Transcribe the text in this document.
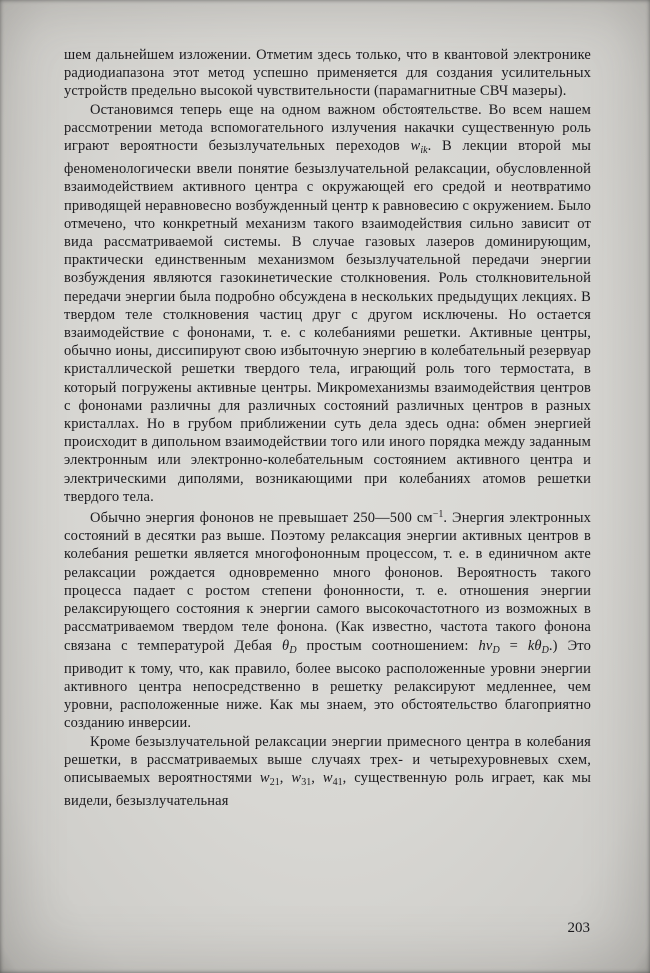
шем дальнейшем изложении. Отметим здесь только, что в квантовой электронике радиодиапазона этот метод успешно применяется для создания усилительных устройств предельно высокой чувствительности (парамагнитные СВЧ мазеры).

Остановимся теперь еще на одном важном обстоятельстве. Во всем нашем рассмотрении метода вспомогательного излучения накачки существенную роль играют вероятности безызлучательных переходов $w_{ik}$. В лекции второй мы феноменологически ввели понятие безызлучательной релаксации, обусловленной взаимодействием активного центра с окружающей его средой и неотвратимо приводящей неравновесно возбужденный центр к равновесию с окружением. Было отмечено, что конкретный механизм такого взаимодействия сильно зависит от вида рассматриваемой системы. В случае газовых лазеров доминирующим, практически единственным механизмом безызлучательной передачи энергии возбуждения являются газокинетические столкновения. Роль столкновительной передачи энергии была подробно обсуждена в нескольких предыдущих лекциях. В твердом теле столкновения частиц друг с другом исключены. Но остается взаимодействие с фононами, т. е. с колебаниями решетки. Активные центры, обычно ионы, диссипируют свою избыточную энергию в колебательный резервуар кристаллической решетки твердого тела, играющий роль того термостата, в который погружены активные центры. Микромеханизмы взаимодействия центров с фононами различны для различных состояний различных центров в разных кристаллах. Но в грубом приближении суть дела здесь одна: обмен энергией происходит в дипольном взаимодействии того или иного порядка между заданным электронным или электронно-колебательным состоянием активного центра и электрическими диполями, возникающими при колебаниях атомов решетки твердого тела.

Обычно энергия фононов не превышает 250—500 $см^{-1}$. Энергия электронных состояний в десятки раз выше. Поэтому релаксация энергии активных центров в колебания решетки является многофононным процессом, т. е. в единичном акте релаксации рождается одновременно много фононов. Вероятность такого процесса падает с ростом степени фононности, т. е. отношения энергии релаксирующего состояния к энергии самого высокочастотного из возможных в рассматриваемом твердом теле фонона. (Как известно, частота такого фонона связана с температурой Дебая $\theta_D$ простым соотношением: $h\nu_D = k\theta_D$.) Это приводит к тому, что, как правило, более высоко расположенные уровни энергии активного центра непосредственно в решетку релаксируют медленнее, чем уровни, расположенные ниже. Как мы знаем, это обстоятельство благоприятно созданию инверсии.

Кроме безызлучательной релаксации энергии примесного центра в колебания решетки, в рассматриваемых выше случаях трех- и четырехуровневых схем, описываемых вероятностями $w_{21}$, $w_{31}$, $w_{41}$, существенную роль играет, как мы видели, безызлучательная

203
